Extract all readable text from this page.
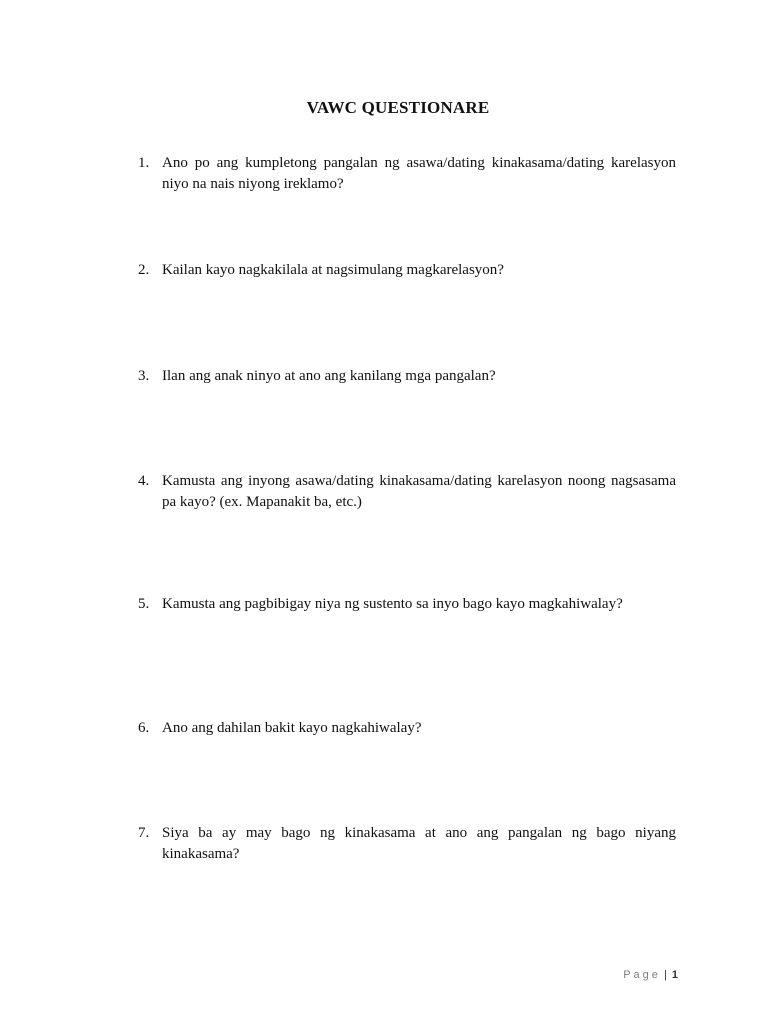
VAWC QUESTIONARE
1. Ano po ang kumpletong pangalan ng asawa/dating kinakasama/dating karelasyon niyo na nais niyong ireklamo?
2. Kailan kayo nagkakilala at nagsimulang magkarelasyon?
3. Ilan ang anak ninyo at ano ang kanilang mga pangalan?
4. Kamusta ang inyong asawa/dating kinakasama/dating karelasyon noong nagsasama pa kayo? (ex. Mapanakit ba, etc.)
5. Kamusta ang pagbibigay niya ng sustento sa inyo bago kayo magkahiwalay?
6. Ano ang dahilan bakit kayo nagkahiwalay?
7. Siya ba ay may bago ng kinakasama at ano ang pangalan ng bago niyang kinakasama?
Page | 1
